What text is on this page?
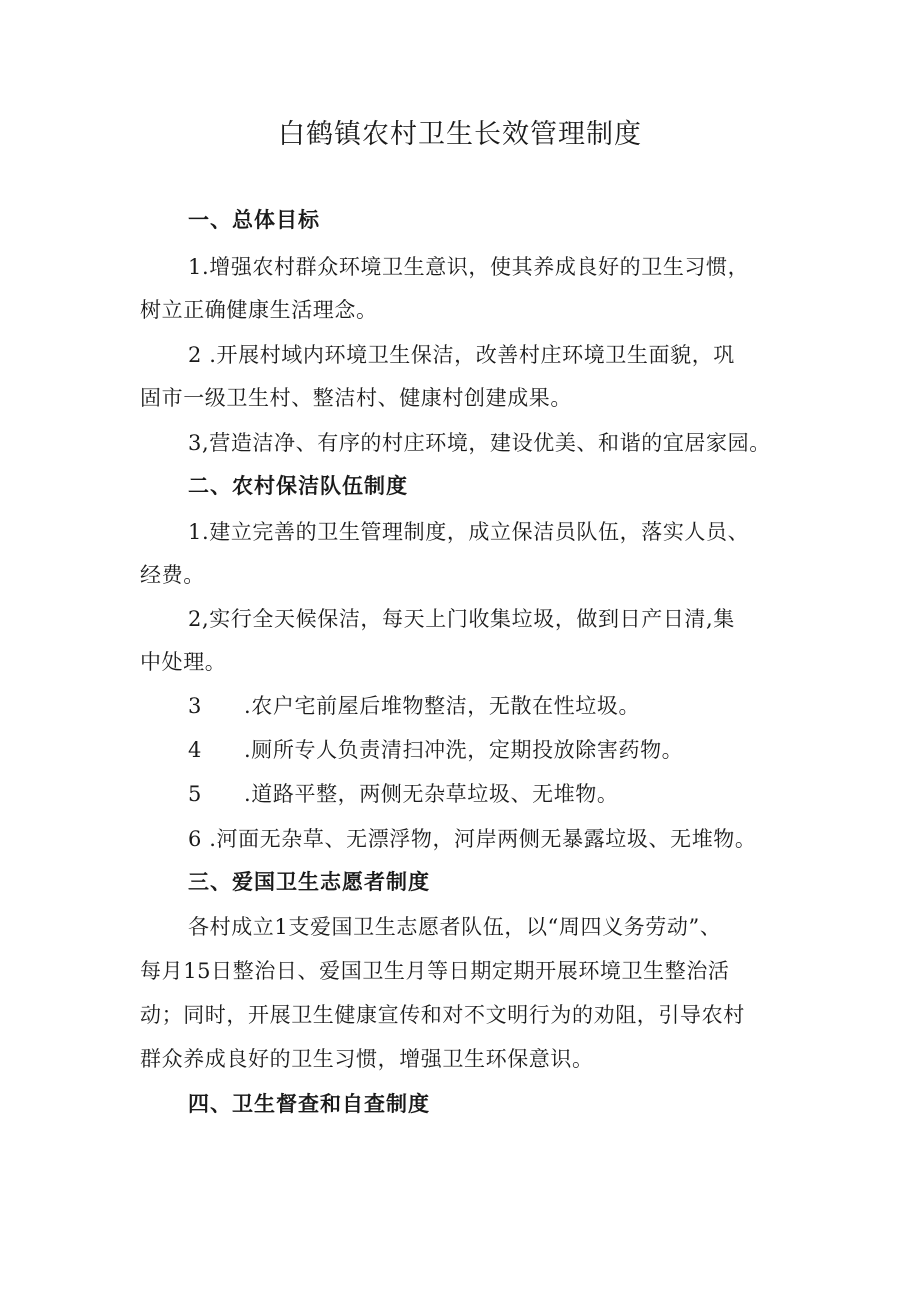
白鹤镇农村卫生长效管理制度

一、总体目标

1.增强农村群众环境卫生意识，使其养成良好的卫生习惯，

树立正确健康生活理念。

2 .开展村域内环境卫生保洁，改善村庄环境卫生面貌，巩

固市一级卫生村、整洁村、健康村创建成果。

3,营造洁净、有序的村庄环境，建设优美、和谐的宜居家园。

二、农村保洁队伍制度

1.建立完善的卫生管理制度，成立保洁员队伍，落实人员、

经费。

2,实行全天候保洁，每天上门收集垃圾，做到日产日清,集

中处理。

3 .农户宅前屋后堆物整洁，无散在性垃圾。

4 .厕所专人负责清扫冲洗，定期投放除害药物。

5 .道路平整，两侧无杂草垃圾、无堆物。

6 .河面无杂草、无漂浮物，河岸两侧无暴露垃圾、无堆物。

三、爱国卫生志愿者制度

各村成立1支爱国卫生志愿者队伍，以“周四义务劳动”、

每月15日整治日、爱国卫生月等日期定期开展环境卫生整治活

动；同时，开展卫生健康宣传和对不文明行为的劝阻，引导农村

群众养成良好的卫生习惯，增强卫生环保意识。

四、卫生督查和自查制度
